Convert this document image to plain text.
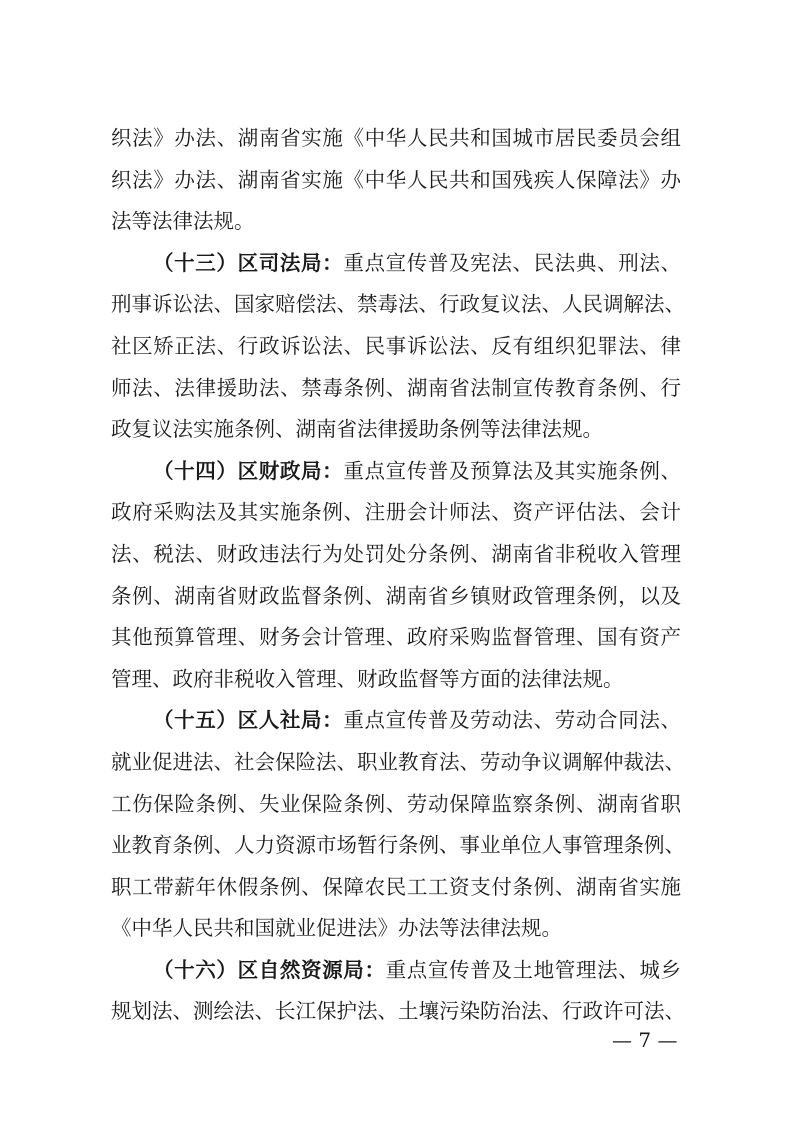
织法》办法、湖南省实施《中华人民共和国城市居民委员会组
织法》办法、湖南省实施《中华人民共和国残疾人保障法》办
法等法律法规。
（十三）区司法局：重点宣传普及宪法、民法典、刑法、
刑事诉讼法、国家赔偿法、禁毒法、行政复议法、人民调解法、
社区矫正法、行政诉讼法、民事诉讼法、反有组织犯罪法、律
师法、法律援助法、禁毒条例、湖南省法制宣传教育条例、行
政复议法实施条例、湖南省法律援助条例等法律法规。
（十四）区财政局：重点宣传普及预算法及其实施条例、
政府采购法及其实施条例、注册会计师法、资产评估法、会计
法、税法、财政违法行为处罚处分条例、湖南省非税收入管理
条例、湖南省财政监督条例、湖南省乡镇财政管理条例，以及
其他预算管理、财务会计管理、政府采购监督管理、国有资产
管理、政府非税收入管理、财政监督等方面的法律法规。
（十五）区人社局：重点宣传普及劳动法、劳动合同法、
就业促进法、社会保险法、职业教育法、劳动争议调解仲裁法、
工伤保险条例、失业保险条例、劳动保障监察条例、湖南省职
业教育条例、人力资源市场暂行条例、事业单位人事管理条例、
职工带薪年休假条例、保障农民工工资支付条例、湖南省实施
《中华人民共和国就业促进法》办法等法律法规。
（十六）区自然资源局：重点宣传普及土地管理法、城乡
规划法、测绘法、长江保护法、土壤污染防治法、行政许可法、
— 7 —
